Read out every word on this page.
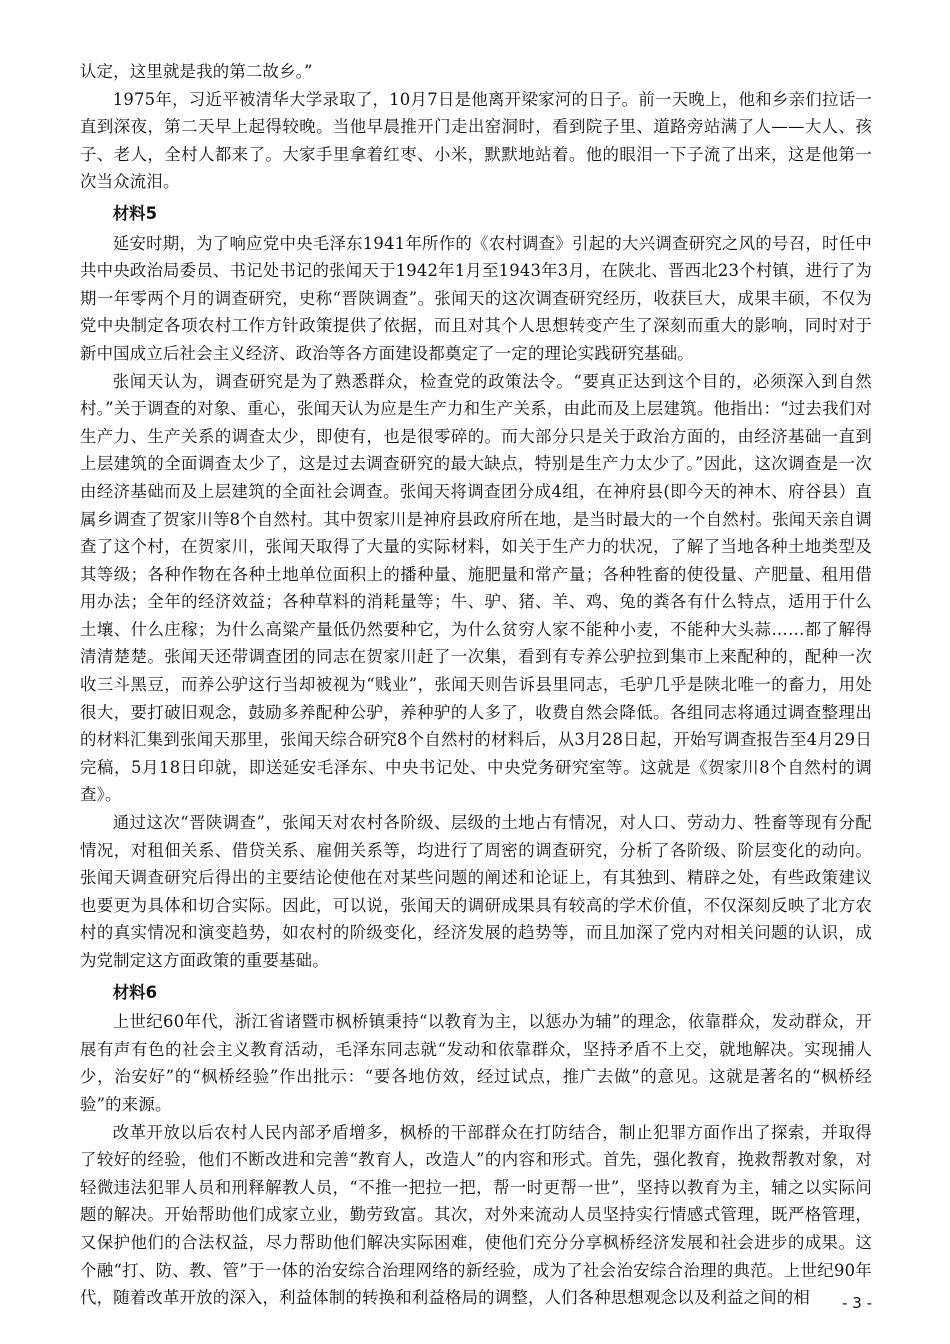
认定，这里就是我的第二故乡。”

1975年，习近平被清华大学录取了，10月7日是他离开梁家河的日子。前一天晚上，他和乡亲们拉话一直到深夜，第二天早上起得较晚。当他早晨推开门走出窑洞时，看到院子里、道路旁站满了人——大人、孩子、老人，全村人都来了。大家手里拿着红枣、小米，默默地站着。他的眼泪一下子流了出来，这是他第一次当众流泪。

材料5

延安时期，为了响应党中央毛泽东1941年所作的《农村调查》引起的大兴调查研究之风的号召，时任中共中央政治局委员、书记处书记的张闻天于1942年1月至1943年3月，在陕北、晋西北23个村镇，进行了为期一年零两个月的调查研究，史称“晋陕调查”。张闻天的这次调查研究经历，收获巨大，成果丰硕，不仅为党中央制定各项农村工作方针政策提供了依据，而且对其个人思想转变产生了深刻而重大的影响，同时对于新中国成立后社会主义经济、政治等各方面建设都奠定了一定的理论实践研究基础。

张闻天认为，调查研究是为了熟悉群众，检查党的政策法令。“要真正达到这个目的，必须深入到自然村。”关于调查的对象、重心，张闻天认为应是生产力和生产关系，由此而及上层建筑。他指出：“过去我们对生产力、生产关系的调查太少，即使有，也是很零碎的。而大部分只是关于政治方面的，由经济基础一直到上层建筑的全面调查太少了，这是过去调查研究的最大缺点，特别是生产力太少了。”因此，这次调查是一次由经济基础而及上层建筑的全面社会调查。张闻天将调查团分成4组，在神府县(即今天的神木、府谷县）直属乡调查了贺家川等8个自然村。其中贺家川是神府县政府所在地，是当时最大的一个自然村。张闻天亲自调查了这个村，在贺家川，张闻天取得了大量的实际材料，如关于生产力的状况，了解了当地各种土地类型及其等级；各种作物在各种土地单位面积上的播种量、施肥量和常产量；各种牲畜的使役量、产肥量、租用借用办法；全年的经济效益；各种草料的消耗量等；牛、驴、猪、羊、鸡、兔的粪各有什么特点，适用于什么土壤、什么庄稼；为什么高粱产量低仍然要种它，为什么贫穷人家不能种小麦，不能种大头蒜……都了解得清清楚楚。张闻天还带调查团的同志在贺家川赶了一次集，看到有专养公驴拉到集市上来配种的，配种一次收三斗黑豆，而养公驴这行当却被视为“贱业”，张闻天则告诉县里同志，毛驴几乎是陕北唯一的畜力，用处很大，要打破旧观念，鼓励多养配种公驴，养种驴的人多了，收费自然会降低。各组同志将通过调查整理出的材料汇集到张闻天那里，张闻天综合研究8个自然村的材料后，从3月28日起，开始写调查报告至4月29日完稿，5月18日印就，即送延安毛泽东、中央书记处、中央党务研究室等。这就是《贺家川8个自然村的调查》。

通过这次“晋陕调查”，张闻天对农村各阶级、层级的土地占有情况，对人口、劳动力、牲畜等现有分配情况，对租佃关系、借贷关系、雇佣关系等，均进行了周密的调查研究，分析了各阶级、阶层变化的动向。张闻天调查研究后得出的主要结论使他在对某些问题的阐述和论证上，有其独到、精辟之处，有些政策建议也要更为具体和切合实际。因此，可以说，张闻天的调研成果具有较高的学术价值，不仅深刻反映了北方农村的真实情况和演变趋势，如农村的阶级变化，经济发展的趋势等，而且加深了党内对相关问题的认识，成为党制定这方面政策的重要基础。

材料6

上世纪60年代，浙江省诸暨市枫桥镇秉持“以教育为主，以惩办为辅”的理念，依靠群众，发动群众，开展有声有色的社会主义教育活动，毛泽东同志就“发动和依靠群众，坚持矛盾不上交，就地解决。实现捕人少，治安好”的“枫桥经验”作出批示：“要各地仿效，经过试点，推广去做”的意见。这就是著名的“枫桥经验”的来源。

改革开放以后农村人民内部矛盾增多，枫桥的干部群众在打防结合，制止犯罪方面作出了探索，并取得了较好的经验，他们不断改进和完善“教育人，改造人”的内容和形式。首先，强化教育，挽救帮教对象，对轻微违法犯罪人员和刑释解教人员，“不推一把拉一把，帮一时更帮一世”，坚持以教育为主，辅之以实际问题的解决。开始帮助他们成家立业，勤劳致富。其次，对外来流动人员坚持实行情感式管理，既严格管理，又保护他们的合法权益，尽力帮助他们解决实际困难，使他们充分分享枫桥经济发展和社会进步的成果。这个融“打、防、教、管”于一体的治安综合治理网络的新经验，成为了社会治安综合治理的典范。上世纪90年代，随着改革开放的深入，利益体制的转换和利益格局的调整，人们各种思想观念以及利益之间的相	- 3 -
